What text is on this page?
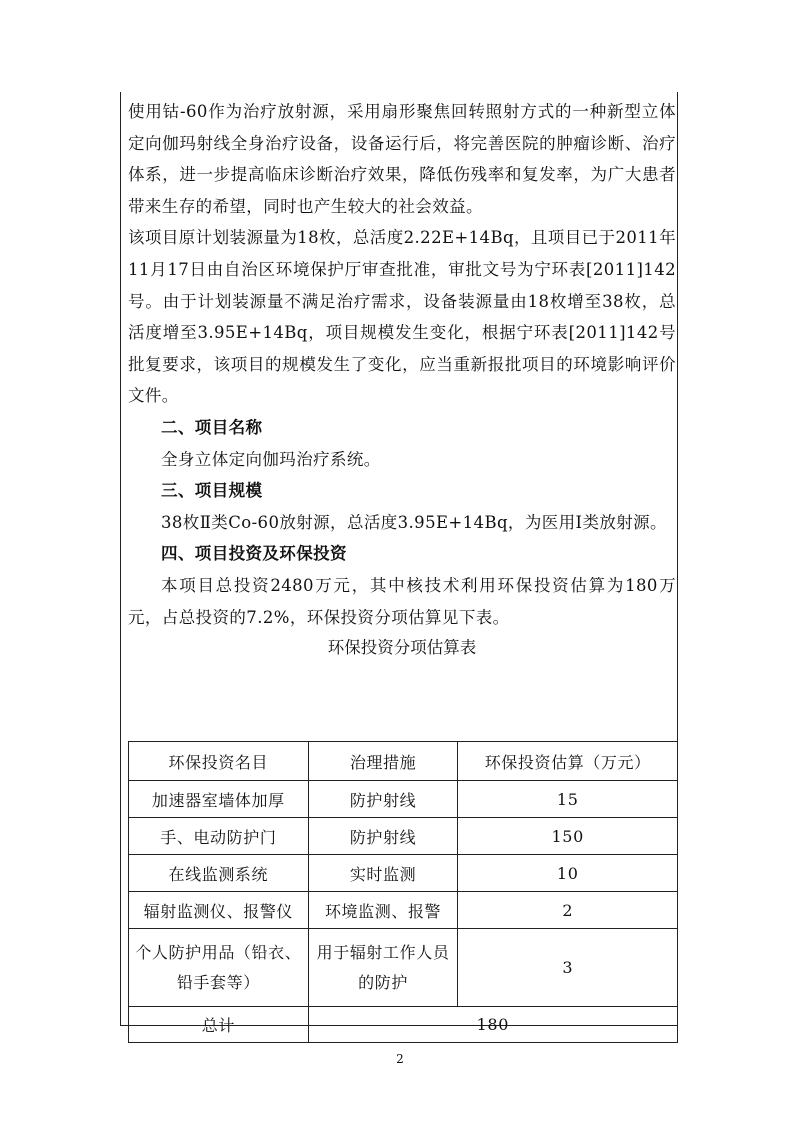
使用钴-60作为治疗放射源，采用扇形聚焦回转照射方式的一种新型立体定向伽玛射线全身治疗设备，设备运行后，将完善医院的肿瘤诊断、治疗体系，进一步提高临床诊断治疗效果，降低伤残率和复发率，为广大患者带来生存的希望，同时也产生较大的社会效益。

该项目原计划装源量为18枚，总活度2.22E+14Bq，且项目已于2011年11月17日由自治区环境保护厅审查批准，审批文号为宁环表[2011]142号。由于计划装源量不满足治疗需求，设备装源量由18枚增至38枚，总活度增至3.95E+14Bq，项目规模发生变化，根据宁环表[2011]142号批复要求，该项目的规模发生了变化，应当重新报批项目的环境影响评价文件。

二、项目名称

全身立体定向伽玛治疗系统。

三、项目规模

38枚Ⅱ类Co-60放射源，总活度3.95E+14Bq，为医用Ⅰ类放射源。

四、项目投资及环保投资

本项目总投资2480万元，其中核技术利用环保投资估算为180万元，占总投资的7.2%，环保投资分项估算见下表。

环保投资分项估算表

环保投资名目	治理措施	环保投资估算（万元）
加速器室墙体加厚	防护射线	15
手、电动防护门	防护射线	150
在线监测系统	实时监测	10
辐射监测仪、报警仪	环境监测、报警	2
个人防护用品（铅衣、铅手套等）	用于辐射工作人员的防护	3
总计	180	
2
